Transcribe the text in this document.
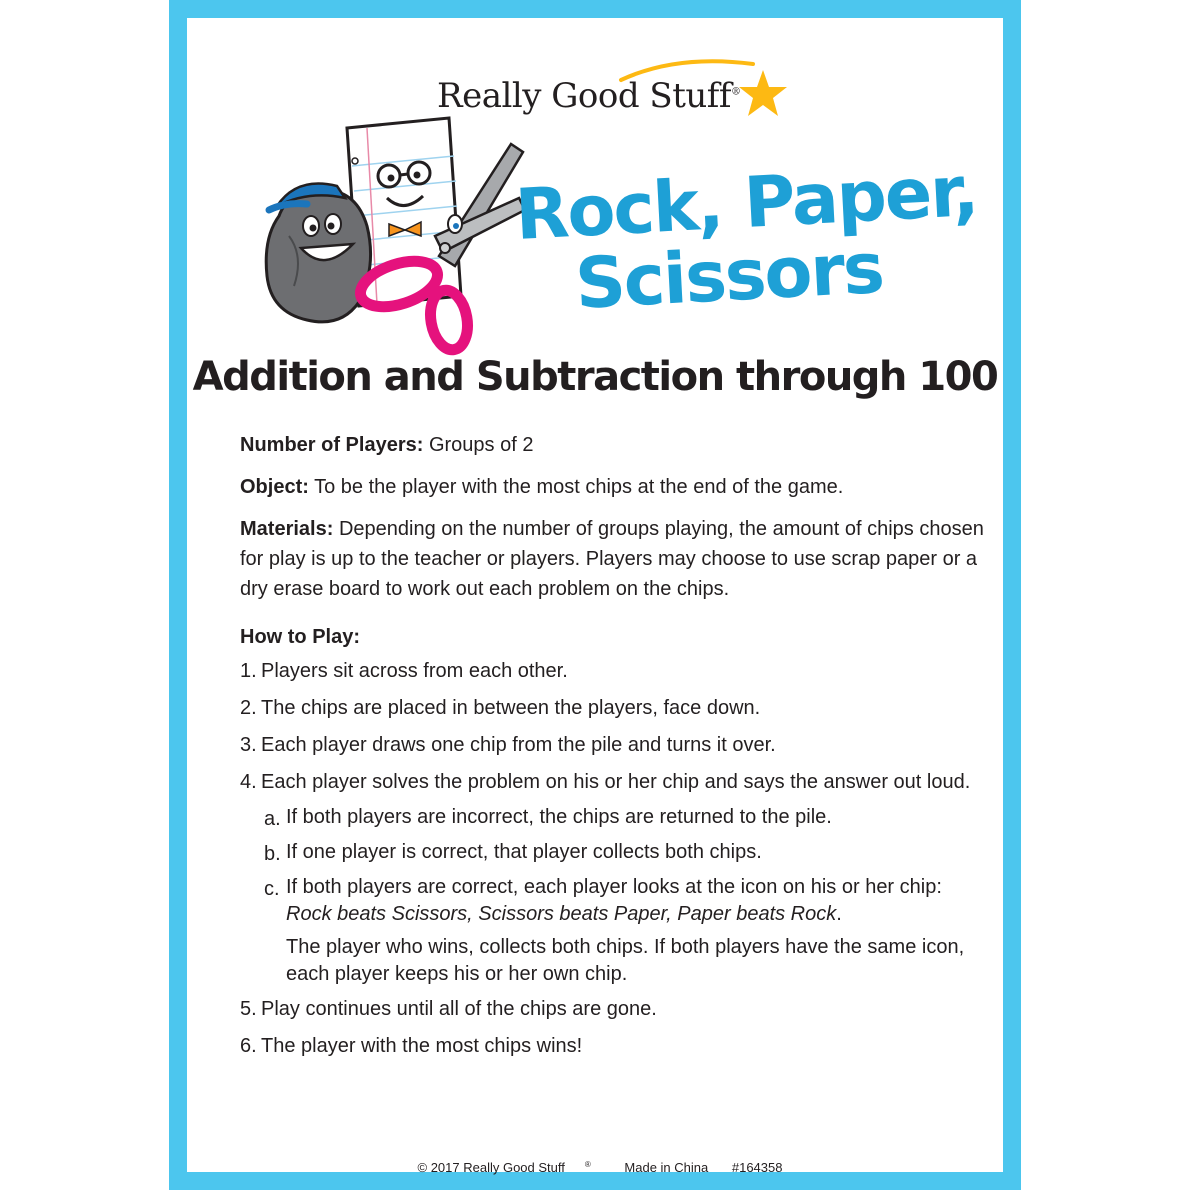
Really Good Stuff®
Rock, Paper,
Scissors
Addition and Subtraction through 100

Number of Players: Groups of 2

Object: To be the player with the most chips at the end of the game.

Materials: Depending on the number of groups playing, the amount of chips chosen for play is up to the teacher or players. Players may choose to use scrap paper or a dry erase board to work out each problem on the chips.

How to Play:
1. Players sit across from each other.
2. The chips are placed in between the players, face down.
3. Each player draws one chip from the pile and turns it over.
4. Each player solves the problem on his or her chip and says the answer out loud.
a. If both players are incorrect, the chips are returned to the pile.
b. If one player is correct, that player collects both chips.
c. If both players are correct, each player looks at the icon on his or her chip: Rock beats Scissors, Scissors beats Paper, Paper beats Rock.
The player who wins, collects both chips. If both players have the same icon, each player keeps his or her own chip.
5. Play continues until all of the chips are gone.
6. The player with the most chips wins!
© 2017 Really Good Stuff	®	Made in China #164358
